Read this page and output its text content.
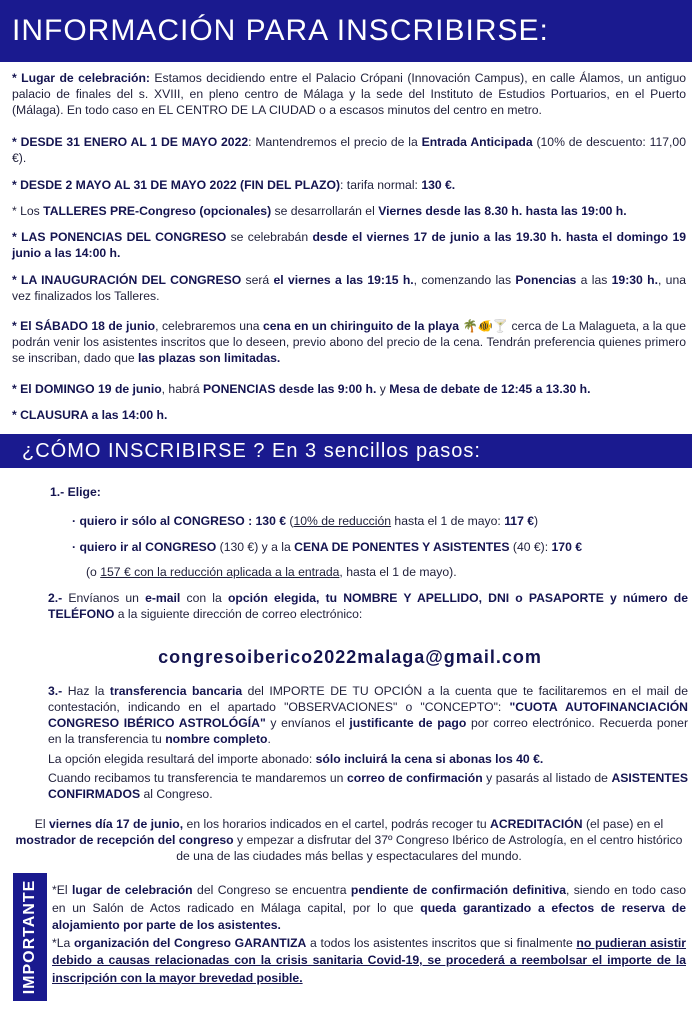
INFORMACIÓN PARA INSCRIBIRSE:
* Lugar de celebración: Estamos decidiendo entre el Palacio Crópani (Innovación Campus), en calle Álamos, un antiguo palacio de finales del s. XVIII, en pleno centro de Málaga y la sede del Instituto de Estudios Portuarios, en el Puerto (Málaga). En todo caso en EL CENTRO DE LA CIUDAD o a escasos minutos del centro en metro.
* DESDE 31 ENERO AL 1 DE MAYO 2022: Mantendremos el precio de la Entrada Anticipada (10% de descuento: 117,00 €).
* DESDE 2 MAYO AL 31 DE MAYO 2022 (FIN DEL PLAZO): tarifa normal: 130 €.
* Los TALLERES PRE-Congreso (opcionales) se desarrollarán el Viernes desde las 8.30 h. hasta las 19:00 h.
* LAS PONENCIAS DEL CONGRESO se celebrabán desde el viernes 17 de junio a las 19.30 h. hasta el domingo 19 junio a las 14:00 h.
* LA INAUGURACIÓN DEL CONGRESO será el viernes a las 19:15 h., comenzando las Ponencias a las 19:30 h., una vez finalizados los Talleres.
* El SÁBADO 18 de junio, celebraremos una cena en un chiringuito de la playa 🌴🐠🍸 cerca de La Malagueta, a la que podrán venir los asistentes inscritos que lo deseen, previo abono del precio de la cena. Tendrán preferencia quienes primero se inscriban, dado que las plazas son limitadas.
* El DOMINGO 19 de junio, habrá PONENCIAS desde las 9:00 h. y Mesa de debate de 12:45 a 13.30 h.
* CLAUSURA a las 14:00 h.
¿CÓMO INSCRIBIRSE ? En 3 sencillos pasos:
1.- Elige:
· quiero ir sólo al CONGRESO : 130 € (10% de reducción hasta el 1 de mayo: 117 €)
· quiero ir al CONGRESO (130 €) y a la CENA DE PONENTES Y ASISTENTES (40 €): 170 €
(o 157 € con la reducción aplicada a la entrada, hasta el 1 de mayo).
2.- Envíanos un e-mail con la opción elegida, tu NOMBRE Y APELLIDO, DNI o PASAPORTE y número de TELÉFONO a la siguiente dirección de correo electrónico:
congresoiberico2022malaga@gmail.com
3.- Haz la transferencia bancaria del IMPORTE DE TU OPCIÓN a la cuenta que te facilitaremos en el mail de contestación, indicando en el apartado "OBSERVACIONES" o "CONCEPTO": "CUOTA AUTOFINANCIACIÓN CONGRESO IBÉRICO ASTROLÓGÍA" y envíanos el justificante de pago por correo electrónico. Recuerda poner en la transferencia tu nombre completo.
La opción elegida resultará del importe abonado: sólo incluirá la cena si abonas los 40 €.
Cuando recibamos tu transferencia te mandaremos un correo de confirmación y pasarás al listado de ASISTENTES CONFIRMADOS al Congreso.
El viernes día 17 de junio, en los horarios indicados en el cartel, podrás recoger tu ACREDITACIÓN (el pase) en el mostrador de recepción del congreso y empezar a disfrutar del 37º Congreso Ibérico de Astrología, en el centro histórico de una de las ciudades más bellas y espectaculares del mundo.
IMPORTANTE *El lugar de celebración del Congreso se encuentra pendiente de confirmación definitiva, siendo en todo caso en un Salón de Actos radicado en Málaga capital, por lo que queda garantizado a efectos de reserva de alojamiento por parte de los asistentes.
*La organización del Congreso GARANTIZA a todos los asistentes inscritos que si finalmente no pudieran asistir debido a causas relacionadas con la crisis sanitaria Covid-19, se procederá a reembolsar el importe de la inscripción con la mayor brevedad posible.
